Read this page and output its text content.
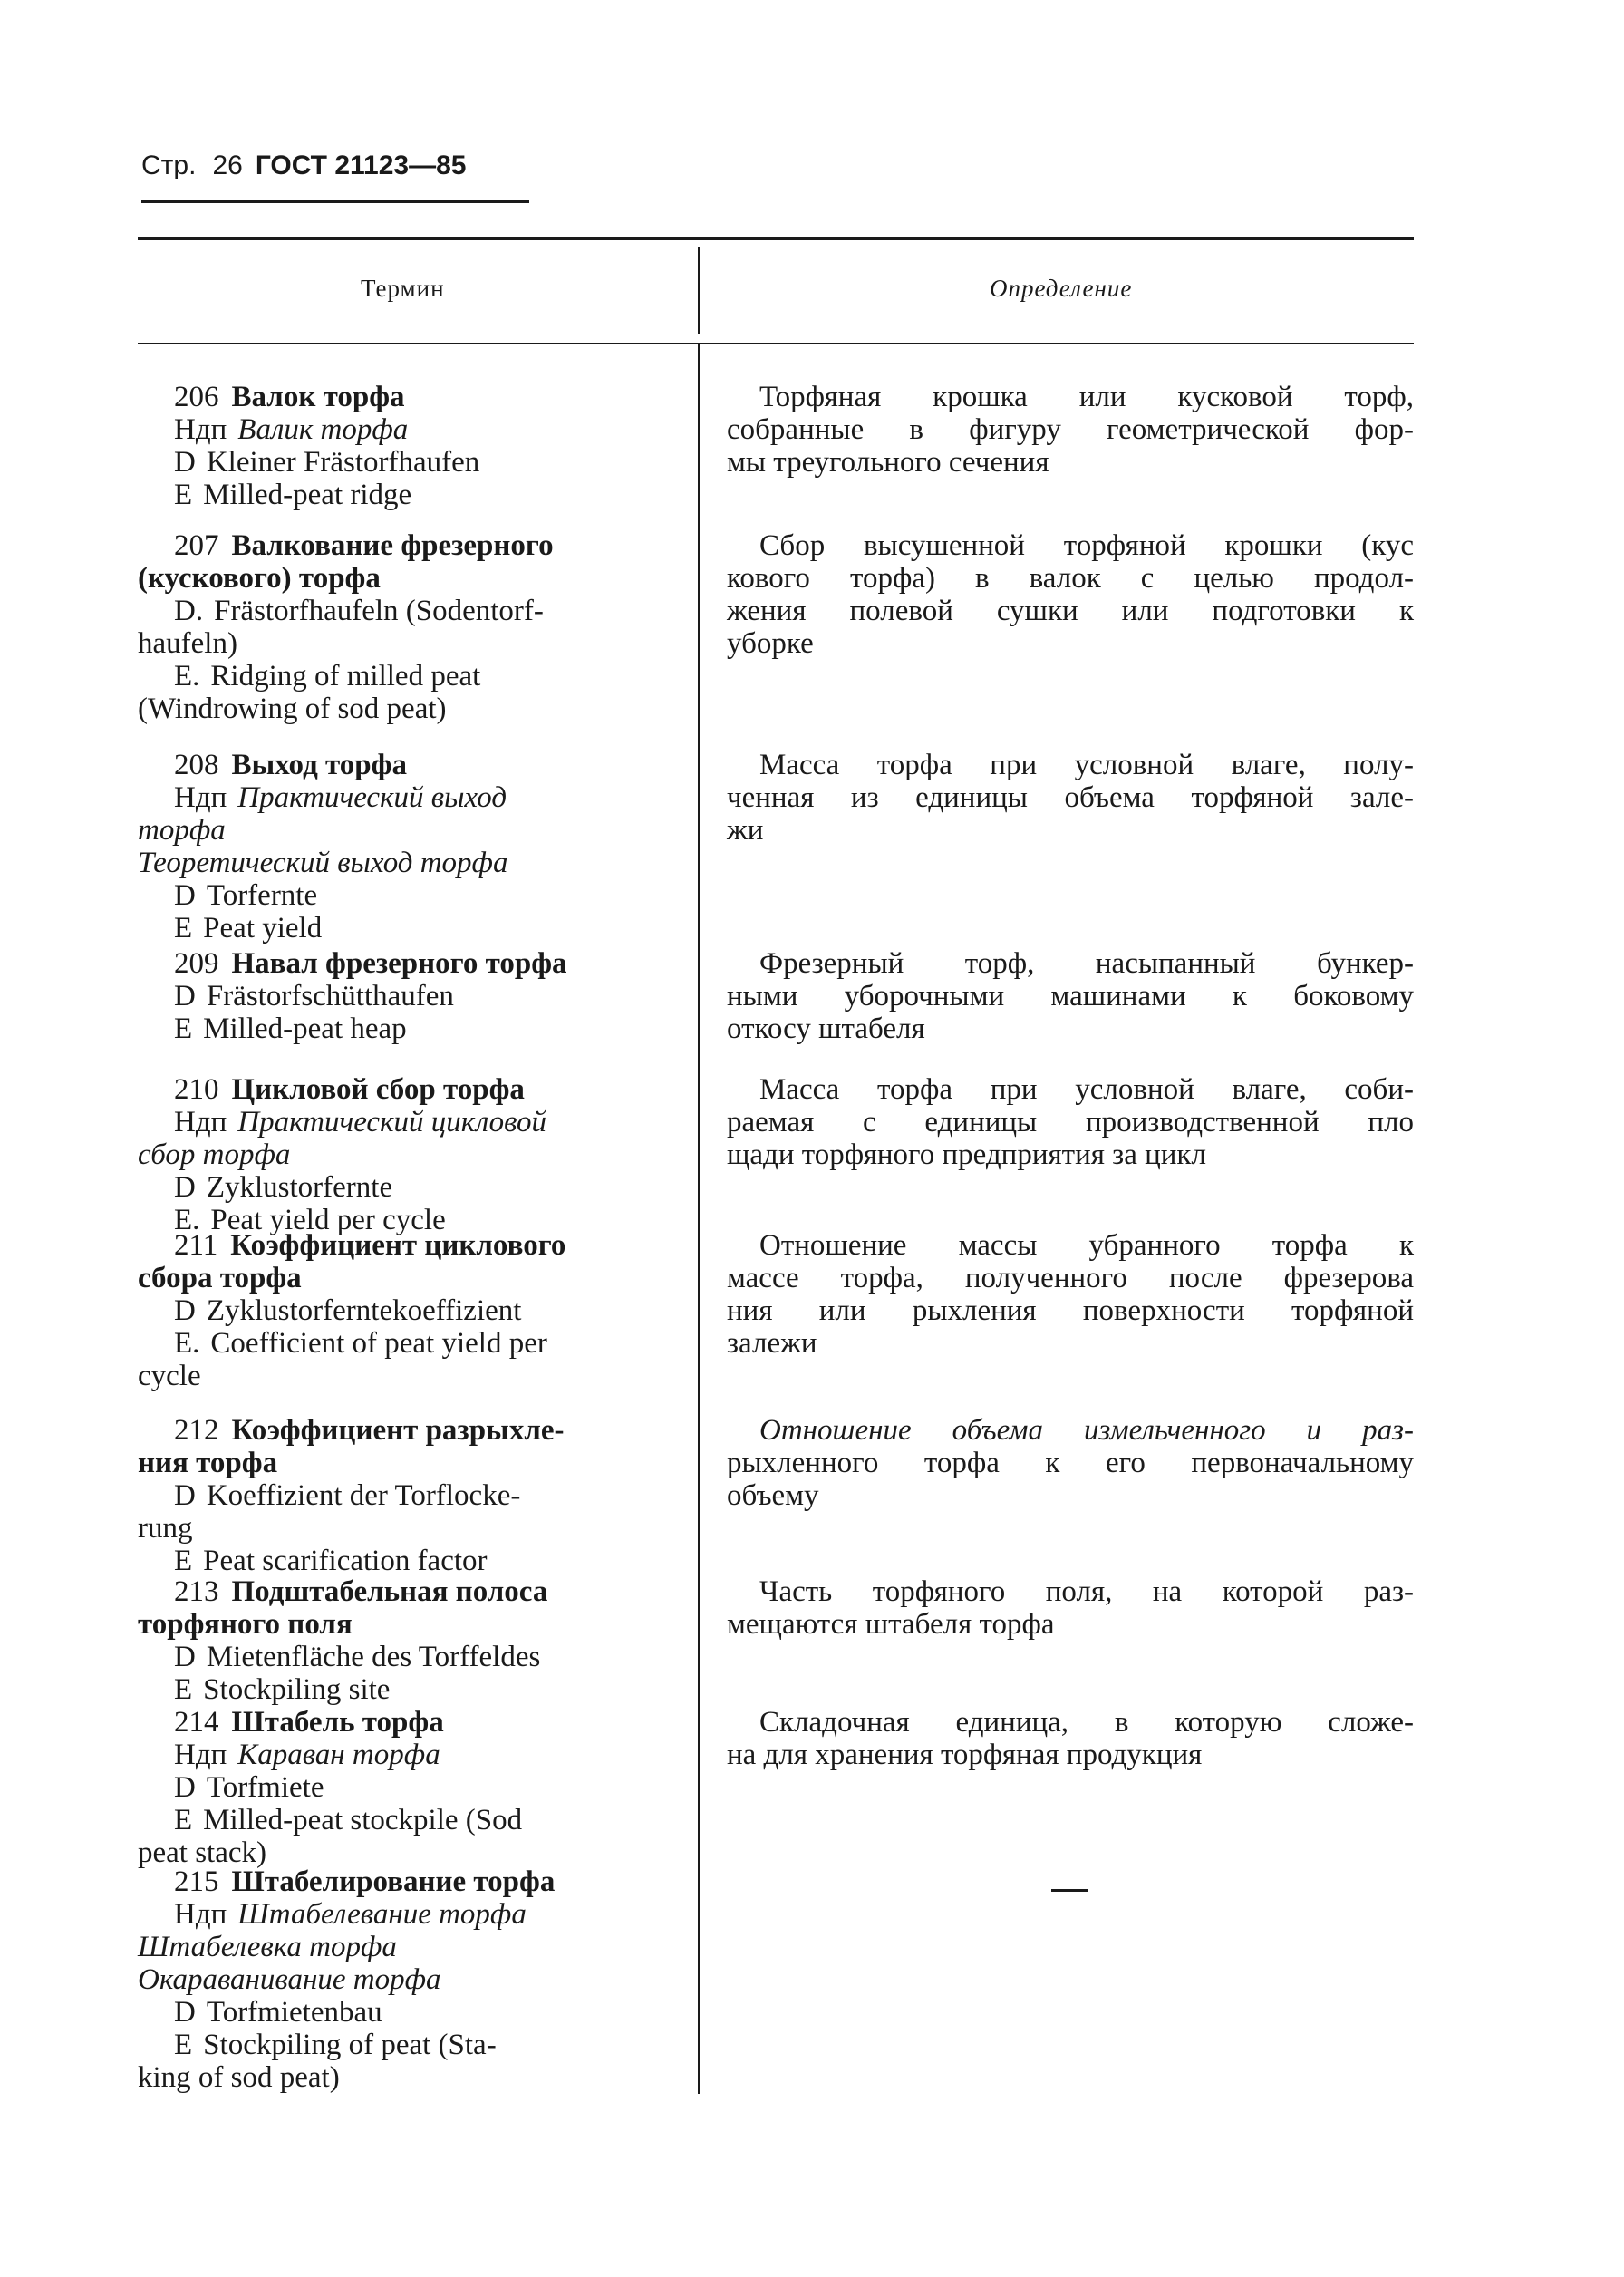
Стр. 26 ГОСТ 21123—85
Термин	Определение
206 Валок торфа
Ндп Валик торфа
D Kleiner Frästorfhaufen
E Milled-peat ridge
207 Валкование фрезерного
(кускового) торфа
D. Frästorfhaufeln (Sodentorf-
haufeln)
E. Ridging of milled peat
(Windrowing of sod peat)
208 Выход торфа
Ндп Практический выход
торфа
Теоретический выход торфа
D Torfernte
E Peat yield
209 Навал фрезерного торфа
D Frästorfschütthaufen
E Milled-peat heap
210 Цикловой сбор торфа
Ндп Практический цикловой
сбор торфа
D Zyklustorfernte
E. Peat yield per cycle
211 Коэффициент циклового
сбора торфа
D Zyklustorferntekoeffizient
E. Coefficient of peat yield per
cycle
212 Коэффициент разрыхле-
ния торфа
D Koeffizient der Torflocke-
rung
E Peat scarification factor
213 Подштабельная полоса
торфяного поля
D Mietenfläche des Torffeldes
E Stockpiling site
214 Штабель торфа
Ндп Караван торфа
D Torfmiete
E Milled-peat stockpile (Sod
peat stack)
215 Штабелирование торфа
Ндп Штабелевание торфа
Штабелевка торфа
Окараванивание торфа
D Torfmietenbau
E Stockpiling of peat (Sta-
king of sod peat)
Торфяная крошка или кусковой торф,
собранные в фигуру геометрической фор-
мы треугольного сечения
Сбор высушенной торфяной крошки (кус
кового торфа) в валок с целью продол-
жения полевой сушки или подготовки к
уборке
Масса торфа при условной влаге, полу-
ченная из единицы объема торфяной зале-
жи
Фрезерный торф, насыпанный бункер-
ными уборочными машинами к боковому
откосу штабеля
Масса торфа при условной влаге, соби-
раемая с единицы производственной пло
щади торфяного предприятия за цикл
Отношение массы убранного торфа к
массе торфа, полученного после фрезерова
ния или рыхления поверхности торфяной
залежи
Отношение объема измельченного и раз-
рыхленного торфа к его первоначальному
объему
Часть торфяного поля, на которой раз-
мещаются штабеля торфа
Складочная единица, в которую сложе-
на для хранения торфяная продукция
